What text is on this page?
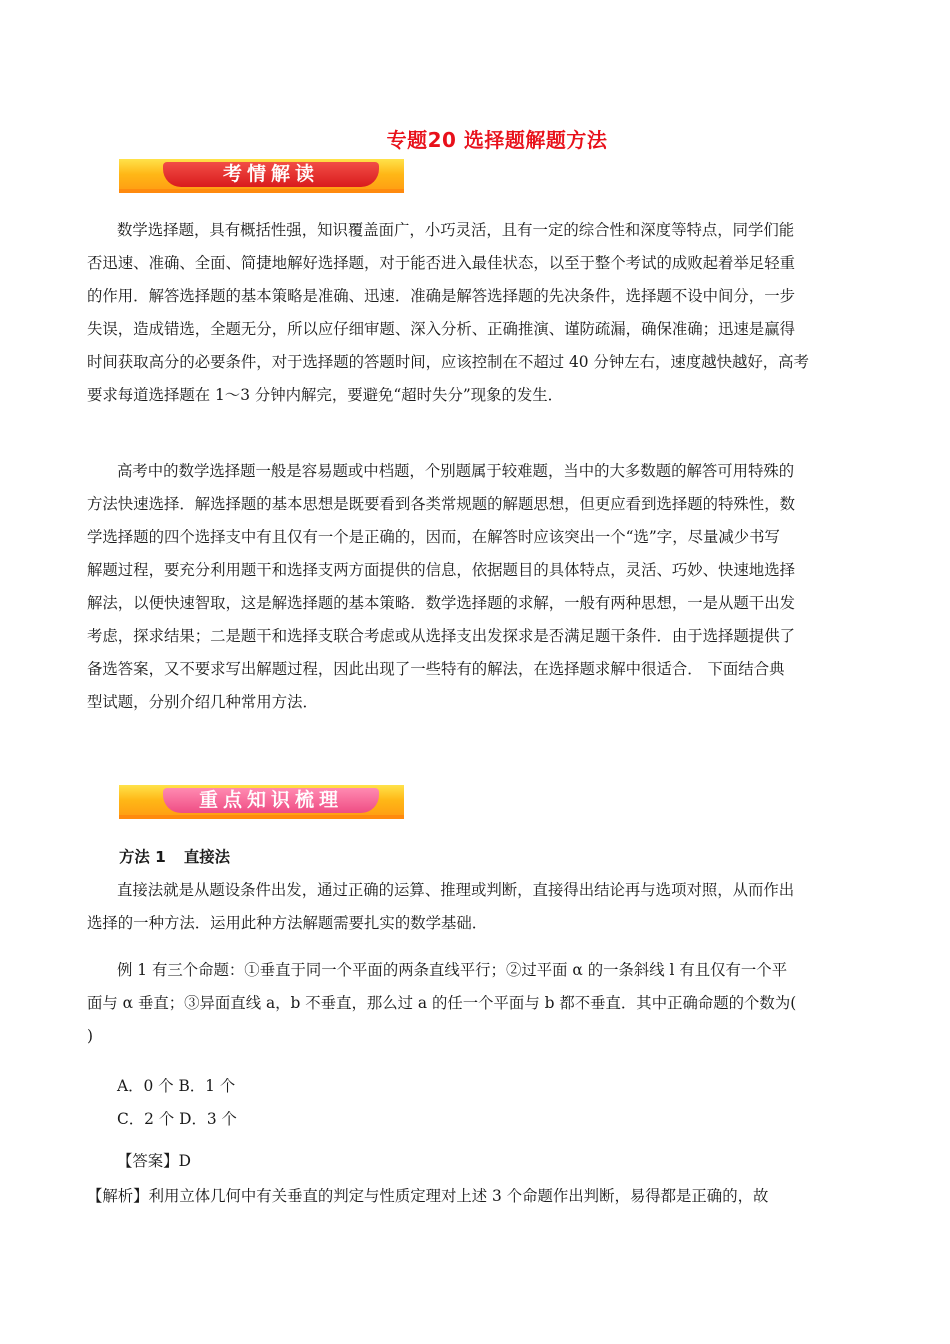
专题20 选择题解题方法
考情解读
数学选择题，具有概括性强，知识覆盖面广，小巧灵活，且有一定的综合性和深度等特点，同学们能
否迅速、准确、全面、简捷地解好选择题，对于能否进入最佳状态，以至于整个考试的成败起着举足轻重
的作用．解答选择题的基本策略是准确、迅速．准确是解答选择题的先决条件，选择题不设中间分，一步
失误，造成错选，全题无分，所以应仔细审题、深入分析、正确推演、谨防疏漏，确保准确；迅速是赢得
时间获取高分的必要条件，对于选择题的答题时间，应该控制在不超过 40 分钟左右，速度越快越好，高考
要求每道选择题在 1～3 分钟内解完，要避免“超时失分”现象的发生．
高考中的数学选择题一般是容易题或中档题，个别题属于较难题，当中的大多数题的解答可用特殊的
方法快速选择．解选择题的基本思想是既要看到各类常规题的解题思想，但更应看到选择题的特殊性，数
学选择题的四个选择支中有且仅有一个是正确的，因而，在解答时应该突出一个“选”字，尽量减少书写
解题过程，要充分利用题干和选择支两方面提供的信息，依据题目的具体特点，灵活、巧妙、快速地选择
解法，以便快速智取，这是解选择题的基本策略．数学选择题的求解，一般有两种思想，一是从题干出发
考虑，探求结果；二是题干和选择支联合考虑或从选择支出发探求是否满足题干条件．由于选择题提供了
备选答案，又不要求写出解题过程，因此出现了一些特有的解法，在选择题求解中很适合． 下面结合典
型试题，分别介绍几种常用方法．
重点知识梳理
方法 1 直接法
直接法就是从题设条件出发，通过正确的运算、推理或判断，直接得出结论再与选项对照，从而作出
选择的一种方法．运用此种方法解题需要扎实的数学基础．
例 1 有三个命题：①垂直于同一个平面的两条直线平行；②过平面 α 的一条斜线 l 有且仅有一个平
面与 α 垂直；③异面直线 a，b 不垂直，那么过 a 的任一个平面与 b 都不垂直．其中正确命题的个数为(
)
A．0 个 B．1 个
C．2 个 D．3 个
【答案】D
【解析】利用立体几何中有关垂直的判定与性质定理对上述 3 个命题作出判断，易得都是正确的，故
